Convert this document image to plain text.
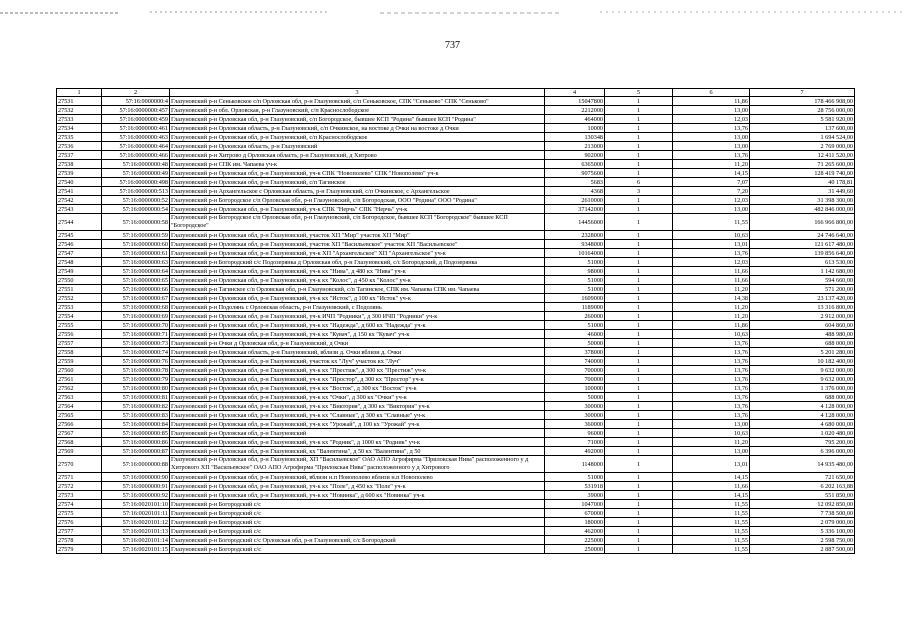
737
1	2	3	4	5	6	7
27531	57:16:0000000:4	Глазуновский р-н Сеньковское с/п Орловская обл, р-н Глазуновский, с/п Сеньковское, СПК "Сеньково" СПК "Сеньково"	15047800	1	11,86	178 466 908,00
27532	57:16:0000000:457	Глазуновский р-н обл. Орловская, р-н Глазуновский, с/п Краснослободское	2212000	1	13,00	28 756 000,00
27533	57:16:0000000:459	Глазуновский р-н Орловская обл, р-н Глазуновский, с/п Богородское, бывшее КСП "Родина" бывшее КСП "Родина"	464000	1	12,03	5 581 920,00
27534	57:16:0000000:461	Глазуновский р-н Орловская область, р-н Глазуновский, с/п Очкинское, на востоке д Очки на востоке д Очки	10000	1	13,76	137 600,00
27535	57:16:0000000:463	Глазуновский р-н Орловская обл, р-н Глазуновский, с/п Краснослободское	130348	1	13,00	1 694 524,00
27536	57:16:0000000:464	Глазуновский р-н Орловская область, р-н Глазуновский	213000	1	13,00	2 769 000,00
27537	57:16:0000000:466	Глазуновский р-н Хитрово д Орловская область, р-н Глазуновский, д Хитрово	902000	1	13,76	12 411 520,00
27538	57:16:0000000:48	Глазуновский р-н СПК им. Чапаева уч-к	6365000	1	11,20	71 265 600,00
27539	57:16:0000000:49	Глазуновский р-н Орловская обл, р-н Глазуновский, уч-к СПК "Новополево" СПК "Новополево" уч-к	9075600	1	14,15	128 419 740,00
27540	57:16:0000000:498	Глазуновский р-н Орловская обл, р-н Глазуновский, с/п Тагинское	5683	6	7,07	40 178,81
27541	57:16:0000000:513	Глазуновский р-н Архангельское с Орловская область, р-н Глазуновский, с/п Очкинское, с Архангельское	4368	3	7,20	31 449,60
27542	57:16:0000000:52	Глазуновский р-н Богородское с/п Орловская обл, р-н Глазуновский, с/п Богородская, ООО "Родина" ООО "Родина"	2610000	1	12,03	31 398 300,00
27543	57:16:0000000:54	Глазуновский р-н Орловская обл, р-н Глазуновский, уч-к СПК "Нерчь" СПК "Нерчь" уч-к	37142000	1	13,00	482 846 000,00
27544	57:16:0000000:58	Глазуновский р-н Богородское с/п Орловская обл, р-н Глазуновский, с/п Богородское, бывшее КСП "Богородское" бывшее КСП "Богородское"	14456000	1	11,55	166 966 800,00
27545	57:16:0000000:59	Глазуновский р-н Орловская обл, р-н Глазуновский, участок ХП "Мир" участок ХП "Мир"	2328000	1	10,63	24 746 640,00
27546	57:16:0000000:60	Глазуновский р-н Орловская обл, р-н Глазуновский, участок ХП "Васильевское" участок ХП "Васильевское"	9348000	1	13,01	121 617 480,00
27547	57:16:0000000:61	Глазуновский р-н Орловская обл, р-н Глазуновский, уч-к ХП "Архангельское" ХП "Архангельское" уч-к	10164000	1	13,76	139 856 640,00
27548	57:16:0000000:63	Глазуновский р-н Богородский с/с Подозерянка д Орловская обл, р-н Глазуновский, с/с Богородский, д Подозерянка	51000	1	12,03	613 530,00
27549	57:16:0000000:64	Глазуновский р-н Орловская обл, р-н Глазуновский, уч-к кх "Нива", д 480 кх "Нива" уч-к	98000	1	11,66	1 142 680,00
27550	57:16:0000000:65	Глазуновский р-н Орловская обл, р-н Глазуновский, уч-к кх "Колос", д 450 кх "Колос" уч-к	51000	1	11,66	594 660,00
27551	57:16:0000000:66	Глазуновский р-н Тагинское с/п Орловская обл, р-н Глазуновский, с/п Тагинское, СПК им. Чапаева СПК им. Чапаева	51000	1	11,20	571 200,00
27552	57:16:0000000:67	Глазуновский р-н Орловская обл, р-н Глазуновский, уч-к кх "Исток", д 100 кх "Исток" уч-к	1609000	1	14,38	23 137 420,00
27553	57:16:0000000:68	Глазуновский р-н Подолянь с Орловская область, р-н Глазуновский, с Подолянь	1189000	1	11,20	13 316 800,00
27554	57:16:0000000:69	Глазуновский р-н Орловская обл, р-н Глазуновский, уч-к ИЧП "Родники", д 300 ИЧП "Родники" уч-к	260000	1	11,20	2 912 000,00
27555	57:16:0000000:70	Глазуновский р-н Орловская обл, р-н Глазуновский, уч-к кх "Надежда", д 600 кх "Надежда" уч-к	51000	1	11,86	604 860,00
27556	57:16:0000000:71	Глазуновский р-н Орловская обл, р-н Глазуновский, уч-к кх "Кувач", д 150 кх "Кувач" уч-к	46000	1	10,63	488 980,00
27557	57:16:0000000:73	Глазуновский р-н Очки д Орловская обл, р-н Глазуновский, д Очки	50000	1	13,76	688 000,00
27558	57:16:0000000:74	Глазуновский р-н Орловская область, р-н Глазуновский, вблизи д. Очки вблизи д. Очки	378000	1	13,76	5 201 280,00
27559	57:16:0000000:76	Глазуновский р-н Орловская обл, р-н Глазуновский, участок кх "Луч" участок кх "Луч"	740000	1	13,76	10 182 400,00
27560	57:16:0000000:78	Глазуновский р-н Орловская обл, р-н Глазуновский, уч-к кх "Престиж", д 300 кх "Престиж" уч-к	700000	1	13,76	9 632 000,00
27561	57:16:0000000:79	Глазуновский р-н Орловская обл, р-н Глазуновский, уч-к кх "Простор", д 300 кх "Простор" уч-к	700000	1	13,76	9 632 000,00
27562	57:16:0000000:80	Глазуновский р-н Орловская обл, р-н Глазуновский, уч-к кх "Восток", д 300 кх "Восток" уч-к	100000	1	13,76	1 376 000,00
27563	57:16:0000000:81	Глазуновский р-н Орловская обл, р-н Глазуновский, уч-к кх "Очки", д 300 кх "Очки" уч-к	50000	1	13,76	688 000,00
27564	57:16:0000000:82	Глазуновский р-н Орловская обл, р-н Глазуновский, уч-к кх "Виктория", д 300 кх "Виктория" уч-к	300000	1	13,76	4 128 000,00
27565	57:16:0000000:83	Глазуновский р-н Орловская обл, р-н Глазуновский, уч-к кх "Славные", д 300 кх "Славные" уч-к	300000	1	13,76	4 128 000,00
27566	57:16:0000000:84	Глазуновский р-н Орловская обл, р-н Глазуновский, уч-к кх "Урожай", д 100 кх "Урожай" уч-к	360000	1	13,00	4 680 000,00
27567	57:16:0000000:85	Глазуновский р-н Орловская обл, р-н Глазуновский	96000	1	10,63	1 020 480,00
27568	57:16:0000000:86	Глазуновский р-н Орловская обл, р-н Глазуновский, уч-к кх "Родник", д 1000 кх "Родник" уч-к	71000	1	11,20	795 200,00
27569	57:16:0000000:87	Глазуновский р-н Орловская обл, р-н Глазуновский, кх "Валентина", д 50 кх "Валентина", д 50	492000	1	13,00	6 396 000,00
27570	57:16:0000000:88	Глазуновский р-н Орловская обл, р-н Глазуновский, ХП "Васильевское" ОАО АПО Агрофирма "Прилокская Нива" расположенного у д Хитрового ХП "Васильевское" ОАО АПО Агрофирма "Прилокская Нива" расположенного у д Хитрового	1148000	1	13,01	14 935 480,00
27571	57:16:0000000:90	Глазуновский р-н Орловская обл, р-н Глазуновский, вблизи н.п Новополево вблизи н.п Новополево	51000	1	14,15	721 650,00
27572	57:16:0000000:91	Глазуновский р-н Орловская обл, р-н Глазуновский, уч-к кх "Поле", д 450 кх "Поле" уч-к	531918	1	11,66	6 202 163,88
27573	57:16:0000000:92	Глазуновский р-н Орловская обл, р-н Глазуновский, уч-к кх "Новинка", д 600 кх "Новинка" уч-к	39000	1	14,15	551 850,00
27574	57:16:0020101:10	Глазуновский р-н Богородский с/с	1047000	1	11,55	12 092 850,00
27575	57:16:0020101:11	Глазуновский р-н Богородский с/с	670000	1	11,55	7 738 500,00
27576	57:16:0020101:12	Глазуновский р-н Богородский с/с	180000	1	11,55	2 079 000,00
27577	57:16:0020101:13	Глазуновский р-н Богородский с/с	462000	1	11,55	5 336 100,00
27578	57:16:0020101:14	Глазуновский р-н Богородский с/с Орловская обл, р-н Глазуновский, с/с Богородский	225000	1	11,55	2 598 750,00
27579	57:16:0020101:15	Глазуновский р-н Богородский с/с	250000	1	11,55	2 887 500,00
